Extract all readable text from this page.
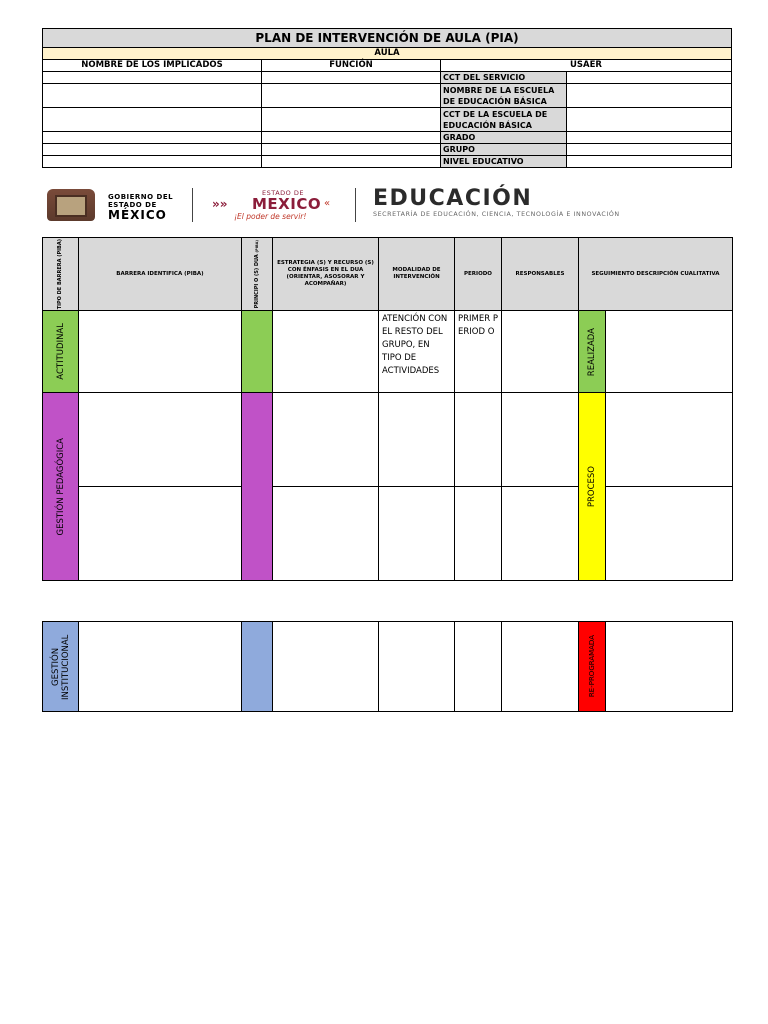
PLAN DE INTERVENCIÓN DE AULA (PIA)			
AULA			
NOMBRE DE LOS IMPLICADOS	FUNCIÓN	USAER	
		CCT DEL SERVICIO	
		NOMBRE DE LA ESCUELA DE EDUCACIÓN BÁSICA	
		CCT DE LA ESCUELA DE EDUCACIÓN BÁSICA	
		GRADO	
		GRUPO	
		NIVEL EDUCATIVO	
GOBIERNO DEL
ESTADO DE
MÉXICO
»»
ESTADO DE
MEXICO «
¡El poder de servir!
EDUCACIÓN
SECRETARÍA DE EDUCACIÓN, CIENCIA, TECNOLOGÍA E INNOVACIÓN
TIPO DE BARRERA (PIBA)	BARRERA IDENTIFICA (PIBA)	PRINCIPI O (S) DUA (PIBA)	ESTRATEGIA (S) Y RECURSO (S) CON ÉNFASIS EN EL DUA (ORIENTAR, ASOSORAR Y ACOMPAÑAR)	MODALIDAD DE INTERVENCIÓN	PERIODO	RESPONSABLES	SEGUIMIENTO DESCRIPCIÓN CUALITATIVA	

ACTITUDINAL				ATENCIÓN CON EL RESTO DEL GRUPO, EN TIPO DE ACTIVIDADES	PRIMER PERIOD O		REALIZADA	

GESTIÓN PEDAGÓGICA							PROCESO	

GESTIÓN INSTITUCIONAL							RE-PROGRAMADA
